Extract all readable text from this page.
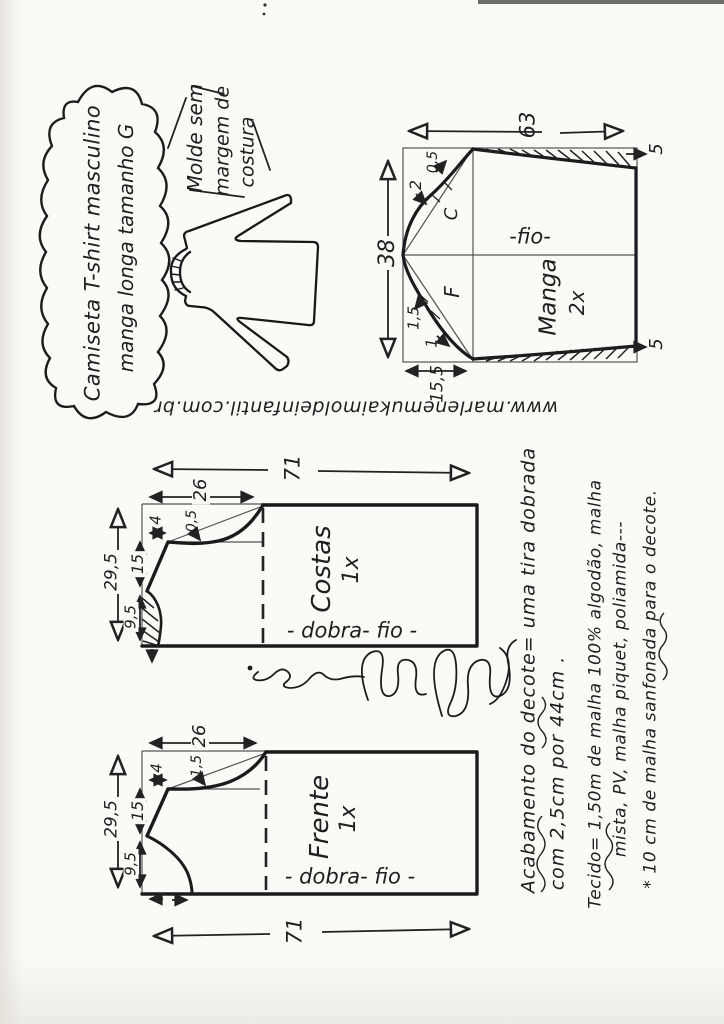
Camiseta T-shirt masculino manga longa tamanho G Molde sem margem de costura
www.marlenemukaimoldeinfantil.com.br
63
38
5
5
15,5
0,5
2
C
F
1,5
1
-fio-
Manga 2x
71
26
4 0,5
15
29,5
9,5
Costas 1x
- dobra- fio -
26
4 1,5
15
29,5
9,5
Frente 1x
- dobra- fio -
71
Acabamento do decote= uma tira dobrada com 2,5cm por 44cm . Tecido= 1,50m de malha 100% algodão, malha mista, PV, malha piquet, poliamida--- * 10 cm de malha sanfonada para o decote.
